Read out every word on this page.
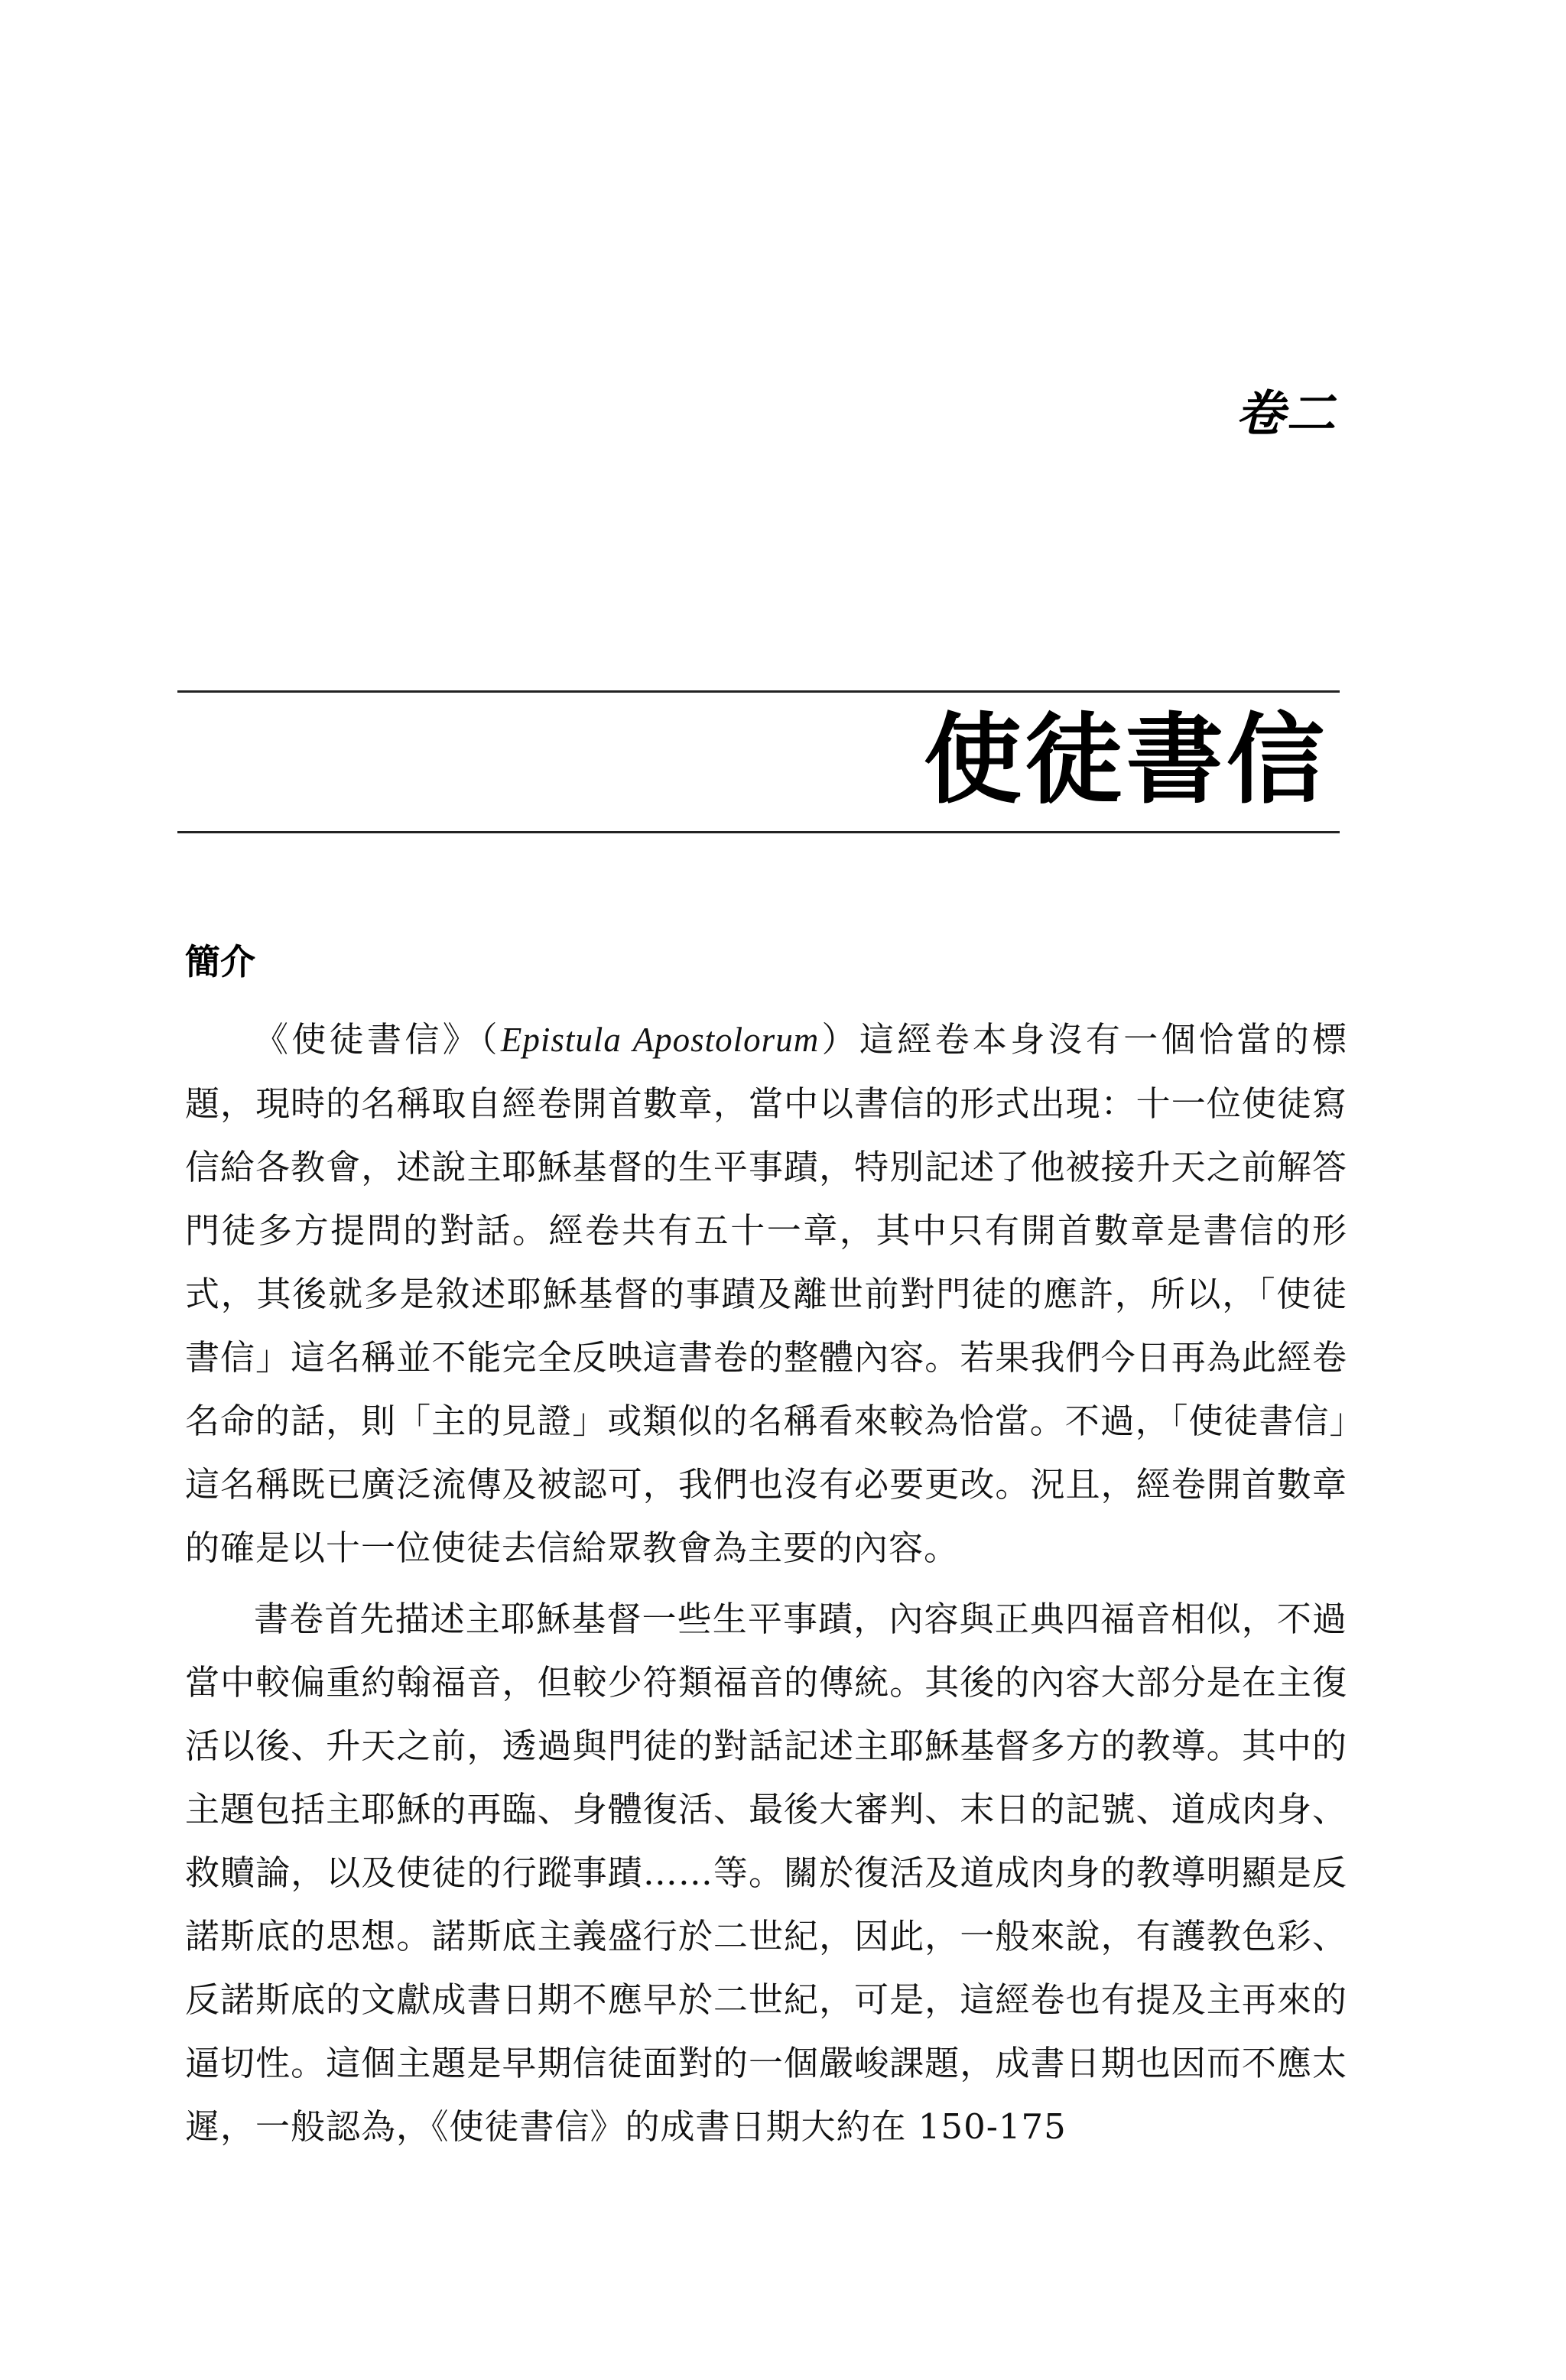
卷二
使徒書信
簡介

《使徒書信》（Epistula Apostolorum）這經卷本身沒有一個恰當的標題，現時的名稱取自經卷開首數章，當中以書信的形式出現：十一位使徒寫信給各教會，述說主耶穌基督的生平事蹟，特別記述了他被接升天之前解答門徒多方提問的對話。經卷共有五十一章，其中只有開首數章是書信的形式，其後就多是敘述耶穌基督的事蹟及離世前對門徒的應許，所以，「使徒書信」這名稱並不能完全反映這書卷的整體內容。若果我們今日再為此經卷名命的話，則「主的見證」或類似的名稱看來較為恰當。不過，「使徒書信」這名稱既已廣泛流傳及被認可，我們也沒有必要更改。況且，經卷開首數章的確是以十一位使徒去信給眾教會為主要的內容。

書卷首先描述主耶穌基督一些生平事蹟，內容與正典四福音相似，不過當中較偏重約翰福音，但較少符類福音的傳統。其後的內容大部分是在主復活以後、升天之前，透過與門徒的對話記述主耶穌基督多方的教導。其中的主題包括主耶穌的再臨、身體復活、最後大審判、末日的記號、道成肉身、救贖論，以及使徒的行蹤事蹟……等。關於復活及道成肉身的教導明顯是反諾斯底的思想。諾斯底主義盛行於二世紀，因此，一般來說，有護教色彩、反諾斯底的文獻成書日期不應早於二世紀，可是，這經卷也有提及主再來的逼切性。這個主題是早期信徒面對的一個嚴峻課題，成書日期也因而不應太遲，一般認為，《使徒書信》的成書日期大約在 150-175
